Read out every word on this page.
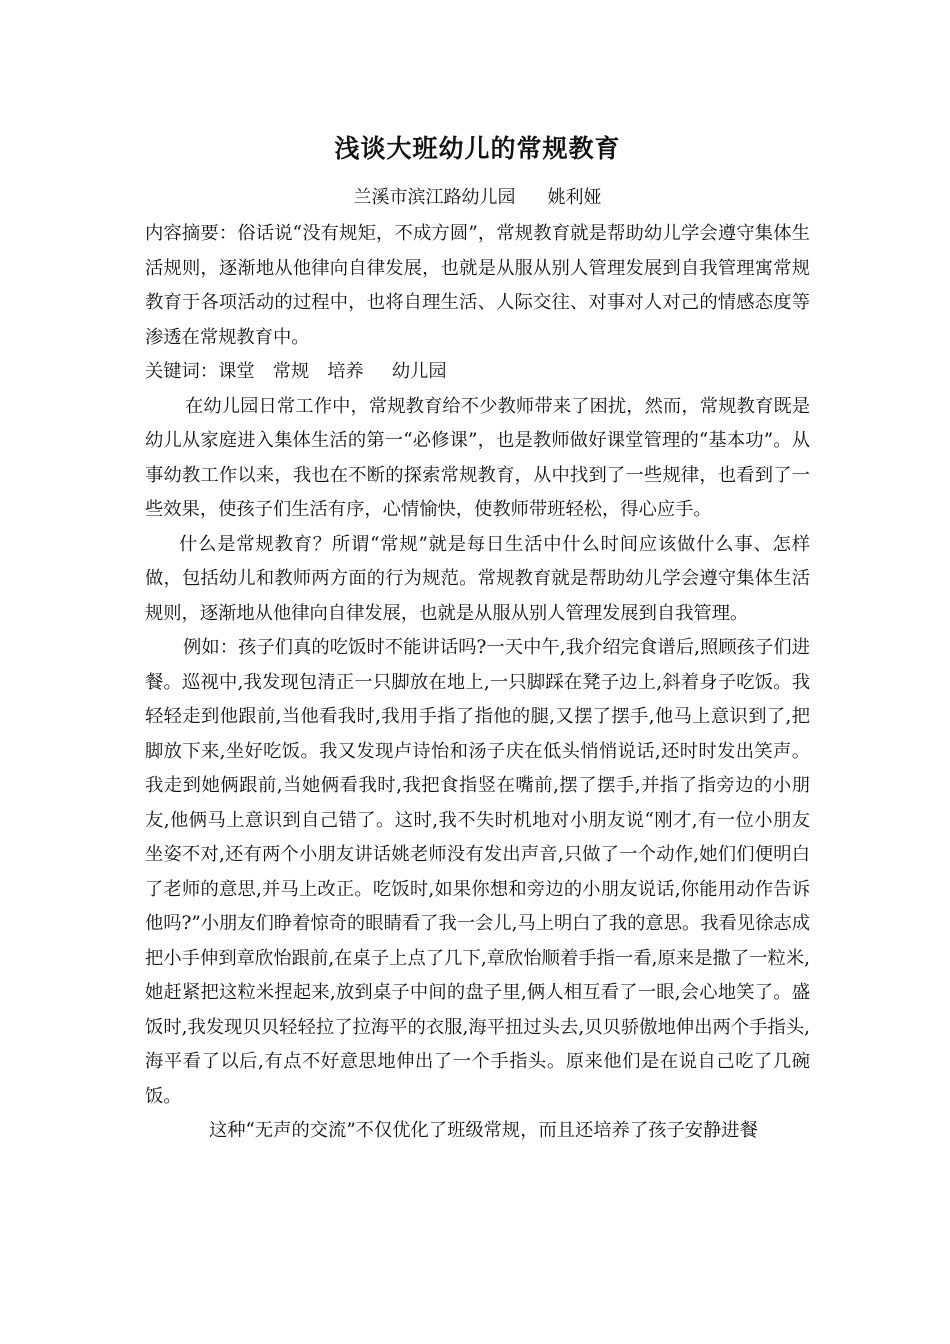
浅谈大班幼儿的常规教育
兰溪市滨江路幼儿园 姚利娅

内容摘要：俗话说“没有规矩，不成方圆”，常规教育就是帮助幼儿学会遵守集体生活规则，逐渐地从他律向自律发展，也就是从服从别人管理发展到自我管理寓常规教育于各项活动的过程中，也将自理生活、人际交往、对事对人对己的情感态度等渗透在常规教育中。

关键词：课堂 常规 培养 幼儿园

在幼儿园日常工作中，常规教育给不少教师带来了困扰，然而，常规教育既是幼儿从家庭进入集体生活的第一“必修课”，也是教师做好课堂管理的“基本功”。从事幼教工作以来，我也在不断的探索常规教育，从中找到了一些规律，也看到了一些效果，使孩子们生活有序，心情愉快，使教师带班轻松，得心应手。

什么是常规教育？所谓“常规”就是每日生活中什么时间应该做什么事、怎样做，包括幼儿和教师两方面的行为规范。常规教育就是帮助幼儿学会遵守集体生活规则，逐渐地从他律向自律发展，也就是从服从别人管理发展到自我管理。

例如：孩子们真的吃饭时不能讲话吗?一天中午,我介绍完食谱后,照顾孩子们进餐。巡视中,我发现包清正一只脚放在地上,一只脚踩在凳子边上,斜着身子吃饭。我轻轻走到他跟前,当他看我时,我用手指了指他的腿,又摆了摆手,他马上意识到了,把脚放下来,坐好吃饭。我又发现卢诗怡和汤子庆在低头悄悄说话,还时时发出笑声。我走到她俩跟前,当她俩看我时,我把食指竖在嘴前,摆了摆手,并指了指旁边的小朋友,他俩马上意识到自己错了。这时,我不失时机地对小朋友说“刚才,有一位小朋友坐姿不对,还有两个小朋友讲话姚老师没有发出声音,只做了一个动作,她们们便明白了老师的意思,并马上改正。吃饭时,如果你想和旁边的小朋友说话,你能用动作告诉他吗?”小朋友们睁着惊奇的眼睛看了我一会儿,马上明白了我的意思。我看见徐志成把小手伸到章欣怡跟前,在桌子上点了几下,章欣怡顺着手指一看,原来是撒了一粒米,她赶紧把这粒米捏起来,放到桌子中间的盘子里,俩人相互看了一眼,会心地笑了。盛饭时,我发现贝贝轻轻拉了拉海平的衣服,海平扭过头去,贝贝骄傲地伸出两个手指头,海平看了以后,有点不好意思地伸出了一个手指头。原来他们是在说自己吃了几碗饭。

这种“无声的交流”不仅优化了班级常规，而且还培养了孩子安静进餐
